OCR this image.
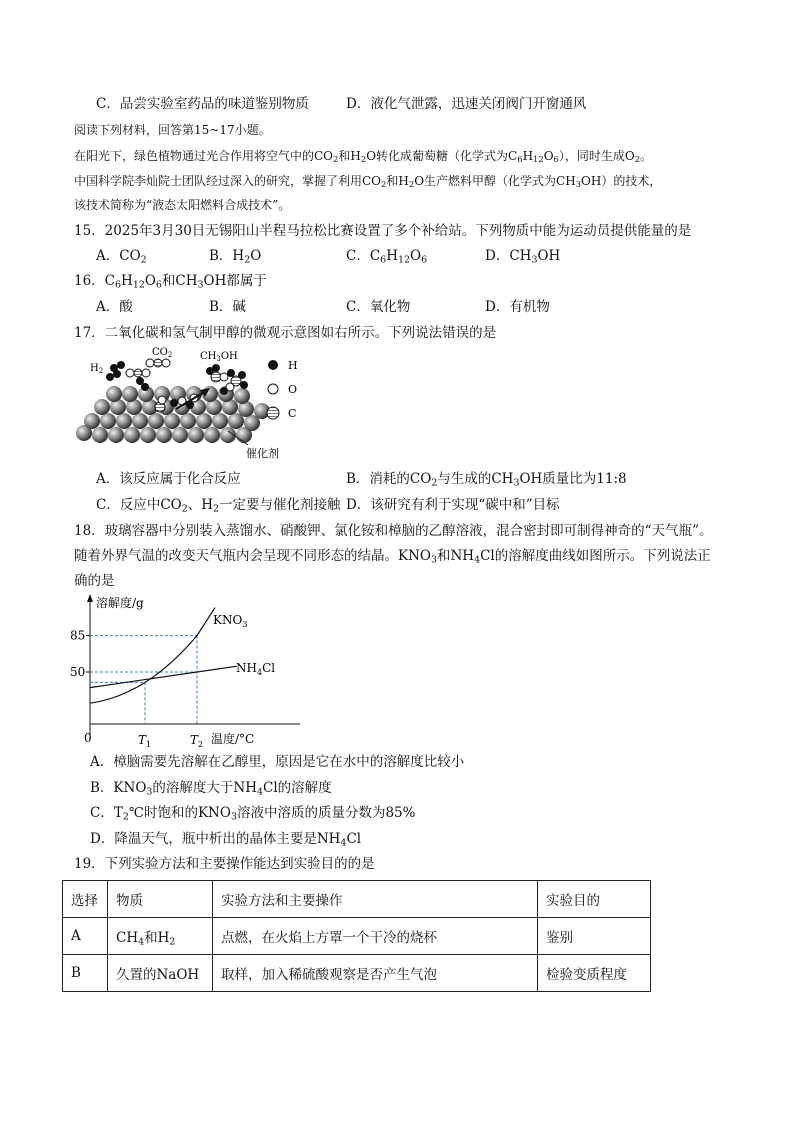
C．品尝实验室药品的味道鉴别物质	D．液化气泄露，迅速关闭阀门开窗通风
阅读下列材料，回答第15~17小题。
在阳光下，绿色植物通过光合作用将空气中的$CO_2$和$H_2O$转化成葡萄糖（化学式为$C_6H_{12}O_6$），同时生成$O_2$。
中国科学院李灿院士团队经过深入的研究，掌握了利用$CO_2$和$H_2O$生产燃料甲醇（化学式为$CH_3OH$）的技术，
该技术简称为“液态太阳燃料合成技术”。
15．2025年3月30日无锡阳山半程马拉松比赛设置了多个补给站。下列物质中能为运动员提供能量的是
A．$CO_2$	B．$H_2O$	C．$C_6H_{12}O_6$	D．$CH_3OH$
16．$C_6H_{12}O_6$和$CH_3OH$都属于
A．酸	B．碱	C．氧化物	D．有机物
17．二氧化碳和氢气制甲醇的微观示意图如右所示。下列说法错误的是
$H_2$
$CO_2$	$CH_3OH$
H
O
C
催化剂
A．该反应属于化合反应	B．消耗的$CO_2$与生成的$CH_3OH$质量比为11:8
C．反应中$CO_2$、$H_2$一定要与催化剂接触 D．该研究有利于实现“碳中和”目标
18．玻璃容器中分别装入蒸馏水、硝酸钾、氯化铵和樟脑的乙醇溶液，混合密封即可制得神奇的“天气瓶”。
随着外界气温的改变天气瓶内会呈现不同形态的结晶。$KNO_3$和$NH_4Cl$的溶解度曲线如图所示。下列说法正
确的是
溶解度/g
0	温度/°C
50
85
$KNO_3$
$NH_4Cl$
$T_1$	$T_2$
A．樟脑需要先溶解在乙醇里，原因是它在水中的溶解度比较小
B．$KNO_3$的溶解度大于$NH_4Cl$的溶解度
C．$T_2℃$时饱和的$KNO_3$溶液中溶质的质量分数为85%
D．降温天气，瓶中析出的晶体主要是$NH_4Cl$
19．下列实验方法和主要操作能达到实验目的的是
选择	物质	实验方法和主要操作	实验目的
A	$CH_4$和$H_2$	点燃，在火焰上方罩一个干冷的烧杯	鉴别
B	久置的NaOH	取样，加入稀硫酸观察是否产生气泡	检验变质程度
